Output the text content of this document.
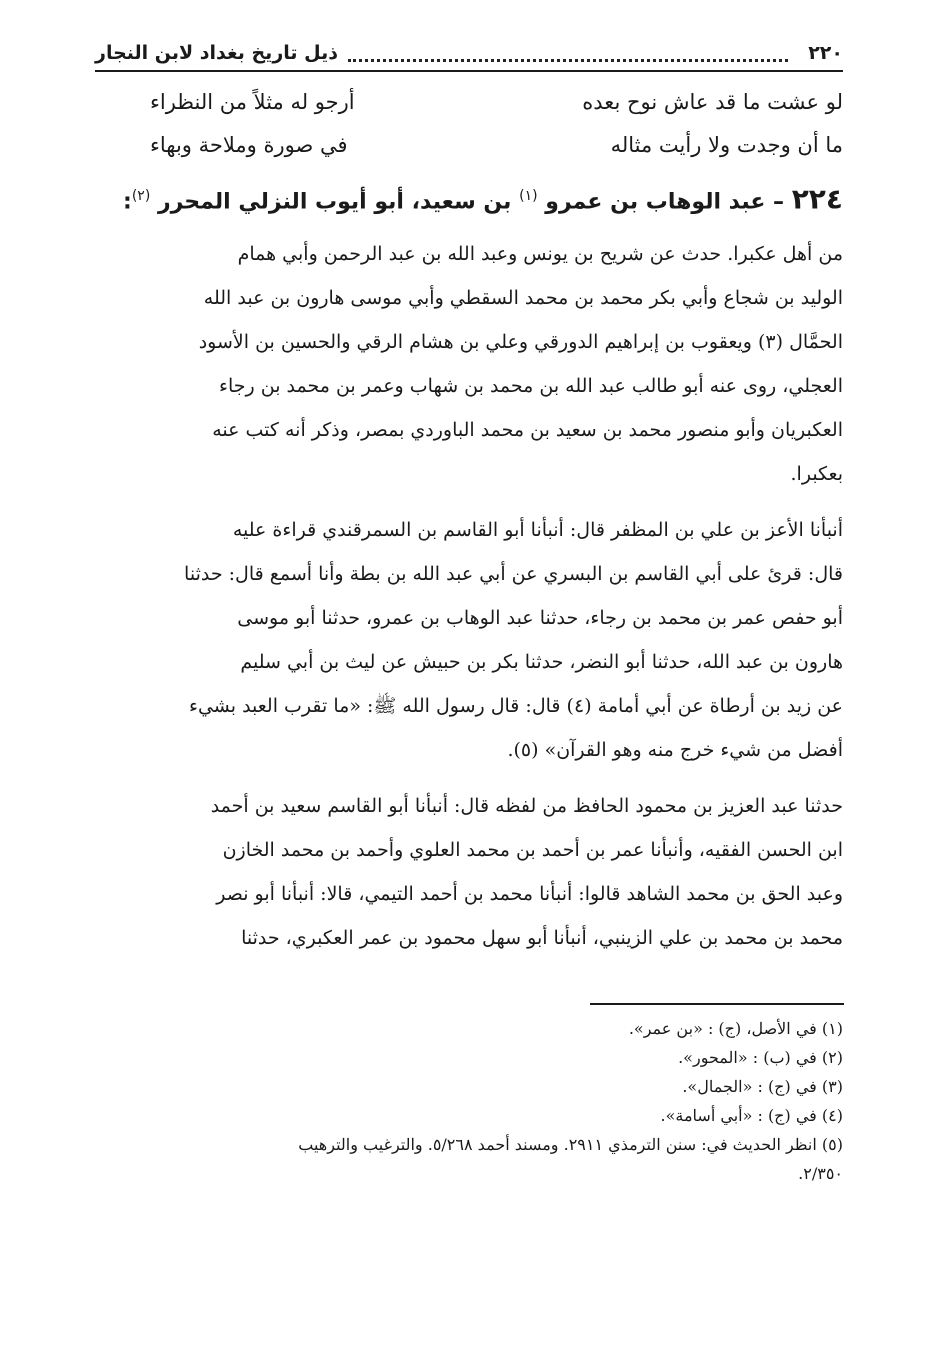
٢٢٠
ذيل تاريخ بغداد لابن النجار
لو عشت ما قد عاش نوح بعده
أرجو له مثلاً من النظراء
ما أن وجدت ولا رأيت مثاله
في صورة وملاحة وبهاء
٢٢٤ – عبد الوهاب بن عمرو $^{(١)}$ بن سعيد، أبو أيوب النزلي المحرر $^{(٢)}$:
من أهل عكبرا. حدث عن شريح بن يونس وعبد الله بن عبد الرحمن وأبي همام
الوليد بن شجاع وأبي بكر محمد بن محمد السقطي وأبي موسى هارون بن عبد الله
الحمَّال (٣) ويعقوب بن إبراهيم الدورقي وعلي بن هشام الرقي والحسين بن الأسود
العجلي، روى عنه أبو طالب عبد الله بن محمد بن شهاب وعمر بن محمد بن رجاء
العكبريان وأبو منصور محمد بن سعيد بن محمد الباوردي بمصر، وذكر أنه كتب عنه
بعكبرا.
أنبأنا الأعز بن علي بن المظفر قال: أنبأنا أبو القاسم بن السمرقندي قراءة عليه
قال: قرئ على أبي القاسم بن البسري عن أبي عبد الله بن بطة وأنا أسمع قال: حدثنا
أبو حفص عمر بن محمد بن رجاء، حدثنا عبد الوهاب بن عمرو، حدثنا أبو موسى
هارون بن عبد الله، حدثنا أبو النضر، حدثنا بكر بن حبيش عن ليث بن أبي سليم
عن زيد بن أرطاة عن أبي أمامة (٤) قال: قال رسول الله ﷺ: «ما تقرب العبد بشيء
أفضل من شيء خرج منه وهو القرآن» (٥).
حدثنا عبد العزيز بن محمود الحافظ من لفظه قال: أنبأنا أبو القاسم سعيد بن أحمد
ابن الحسن الفقيه، وأنبأنا عمر بن أحمد بن محمد العلوي وأحمد بن محمد الخازن
وعبد الحق بن محمد الشاهد قالوا: أنبأنا محمد بن أحمد التيمي، قالا: أنبأنا أبو نصر
محمد بن محمد بن علي الزينبي، أنبأنا أبو سهل محمود بن عمر العكبري، حدثنا
(١) في الأصل، (ج) : «بن عمر».
(٢) في (ب) : «المحور».
(٣) في (ج) : «الجمال».
(٤) في (ج) : «أبي أسامة».
(٥) انظر الحديث في: سنن الترمذي ٢٩١١. ومسند أحمد ٥/٢٦٨. والترغيب والترهيب
٢/٣٥٠.
